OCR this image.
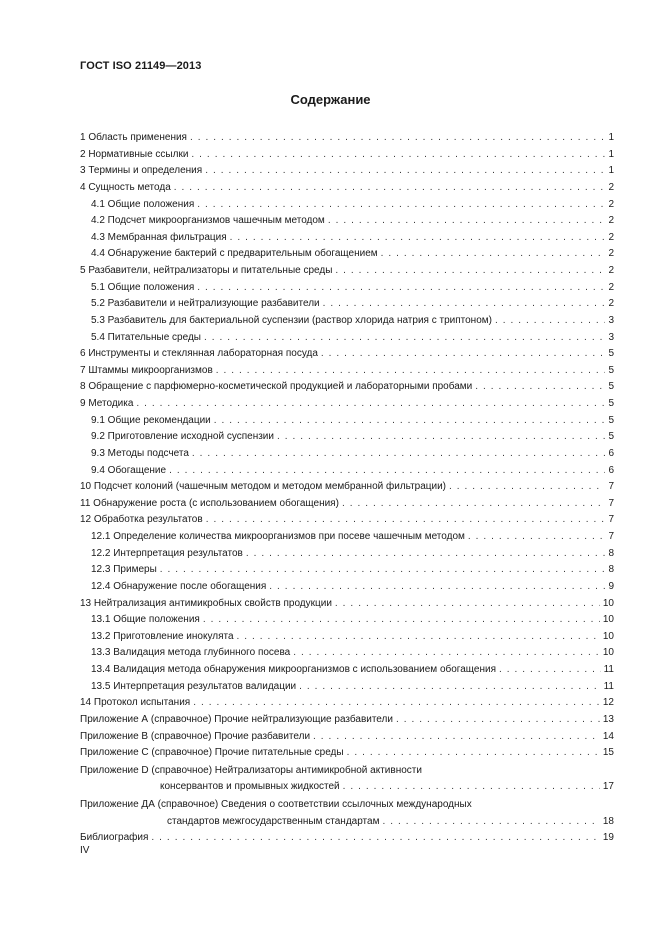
ГОСТ ISO 21149—2013
Содержание
1 Область применения . . .	1
2 Нормативные ссылки . . .	1
3 Термины и определения . . .	1
4 Сущность метода . . .	2
4.1 Общие положения . . .	2
4.2 Подсчет микроорганизмов чашечным методом . . .	2
4.3 Мембранная фильтрация . . .	2
4.4 Обнаружение бактерий с предварительным обогащением . . .	2
5 Разбавители, нейтрализаторы и питательные среды . . .	2
5.1 Общие положения . . .	2
5.2 Разбавители и нейтрализующие разбавители . . .	2
5.3 Разбавитель для бактериальной суспензии (раствор хлорида натрия с триптоном) . . .	3
5.4 Питательные среды . . .	3
6 Инструменты и стеклянная лабораторная посуда . . .	5
7 Штаммы микроорганизмов . . .	5
8 Обращение с парфюмерно-косметической продукцией и лабораторными пробами . . .	5
9 Методика . . .	5
9.1 Общие рекомендации . . .	5
9.2 Приготовление исходной суспензии . . .	5
9.3 Методы подсчета . . .	6
9.4 Обогащение . . .	6
10 Подсчет колоний (чашечным методом и методом мембранной фильтрации) . . .	7
11 Обнаружение роста (с использованием обогащения) . . .	7
12 Обработка результатов . . .	7
12.1 Определение количества микроорганизмов при посеве чашечным методом . . .	7
12.2 Интерпретация результатов . . .	8
12.3 Примеры . . .	8
12.4 Обнаружение после обогащения . . .	9
13 Нейтрализация антимикробных свойств продукции . . .	10
13.1 Общие положения . . .	10
13.2 Приготовление инокулята . . .	10
13.3 Валидация метода глубинного посева . . .	10
13.4 Валидация метода обнаружения микроорганизмов с использованием обогащения . . .	11
13.5 Интерпретация результатов валидации . . .	11
14 Протокол испытания . . .	12
Приложение А (справочное) Прочие нейтрализующие разбавители . . .	13
Приложение В (справочное) Прочие разбавители . . .	14
Приложение С (справочное) Прочие питательные среды . . .	15
Приложение D (справочное) Нейтрализаторы антимикробной активности
консервантов и промывных жидкостей . . .	17
Приложение ДА (справочное) Сведения о соответствии ссылочных международных
стандартов межгосударственным стандартам . . .	18
Библиография . . .	19
IV
